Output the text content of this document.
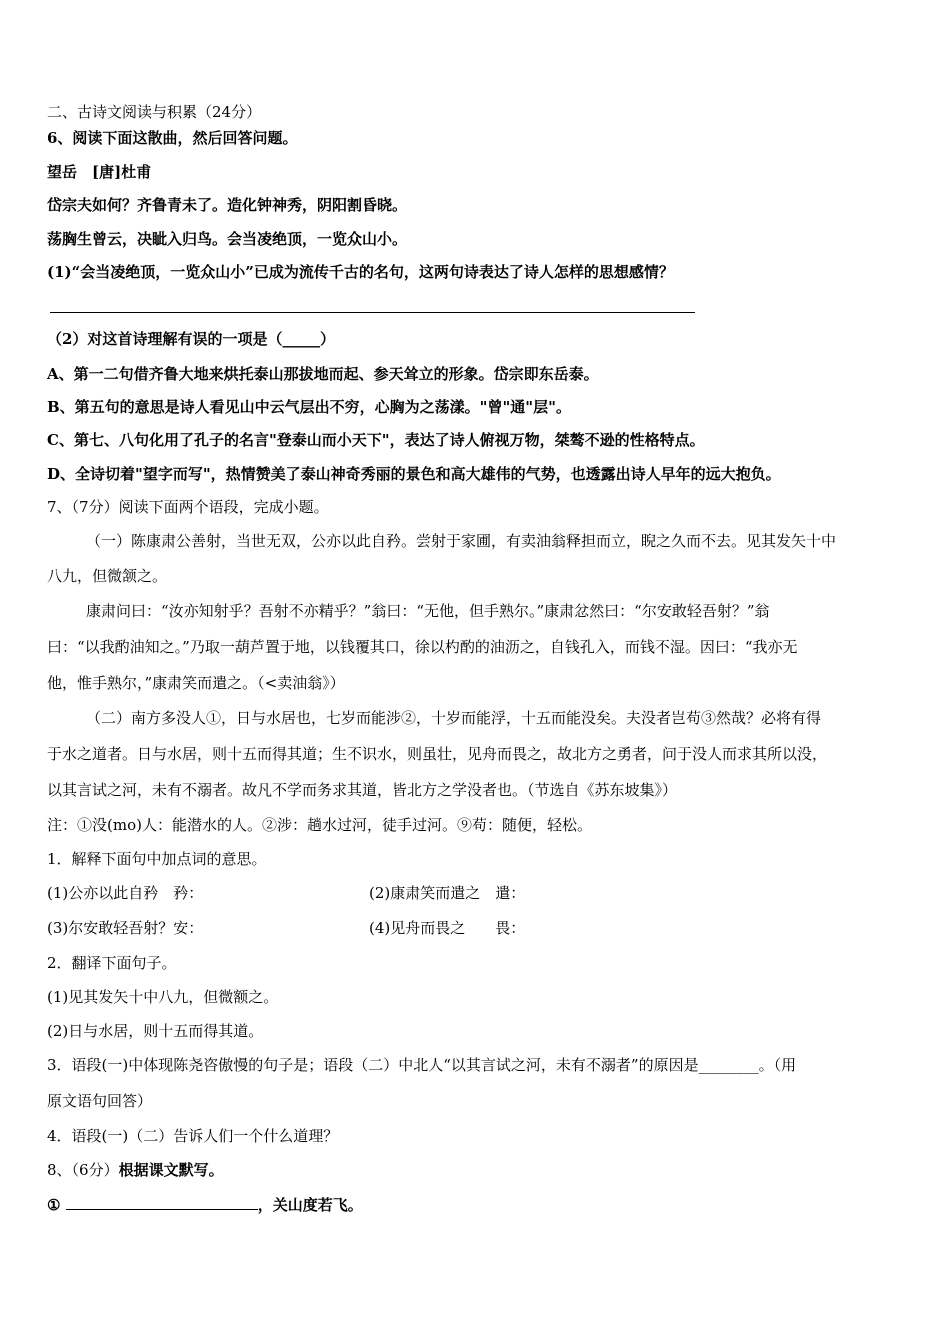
二、古诗文阅读与积累（24分）
6、阅读下面这散曲，然后回答问题。
望岳　[唐]杜甫
岱宗夫如何？齐鲁青未了。造化钟神秀，阴阳割昏晓。
荡胸生曾云，决眦入归鸟。会当凌绝顶，一览众山小。
(1)“会当凌绝顶，一览众山小”已成为流传千古的名句，这两句诗表达了诗人怎样的思想感情？
（2）对这首诗理解有误的一项是（_____）
A、第一二句借齐鲁大地来烘托泰山那拔地而起、参天耸立的形象。岱宗即东岳泰。
B、第五句的意思是诗人看见山中云气层出不穷，心胸为之荡漾。"曾"通"层"。
C、第七、八句化用了孔子的名言"登泰山而小天下"，表达了诗人俯视万物，桀骜不逊的性格特点。
D、全诗切着"望字而写"，热情赞美了泰山神奇秀丽的景色和高大雄伟的气势，也透露出诗人早年的远大抱负。
7、（7分）阅读下面两个语段，完成小题。
（一）陈康肃公善射，当世无双，公亦以此自矜。尝射于家圃，有卖油翁释担而立，睨之久而不去。见其发矢十中
八九，但微颔之。
康肃问曰：“汝亦知射乎？吾射不亦精乎？”翁曰：“无他，但手熟尔。”康肃忿然曰：“尔安敢轻吾射？”翁
曰：“以我酌油知之。”乃取一葫芦置于地，以钱覆其口，徐以杓酌的油沥之，自钱孔入，而钱不湿。因曰：“我亦无
他，惟手熟尔，”康肃笑而遣之。（<卖油翁》）
（二）南方多没人①，日与水居也，七岁而能涉②，十岁而能浮，十五而能没矣。夫没者岂苟③然哉？必将有得
于水之道者。日与水居，则十五而得其道；生不识水，则虽壮，见舟而畏之，故北方之勇者，问于没人而求其所以没，
以其言试之河，未有不溺者。故凡不学而务求其道，皆北方之学没者也。（节选自《苏东坡集》）
注：①没(mo)人：能潜水的人。②涉：趟水过河，徒手过河。⑨苟：随便，轻松。
1．解释下面句中加点词的意思。
(1)公亦以此自矜　矜：	(2)康肃笑而遣之　遣：
(3)尔安敢轻吾射？安：	(4)见舟而畏之　　畏：
2．翻译下面句子。
(1)见其发矢十中八九，但微额之。
(2)日与水居，则十五而得其道。
3．语段(一)中体现陈尧咨傲慢的句子是；语段（二）中北人“以其言试之河，未有不溺者”的原因是________。（用
原文语句回答）
4．语段(一)（二）告诉人们一个什么道理？
8、（6分）根据课文默写。
①	，关山度若飞。
